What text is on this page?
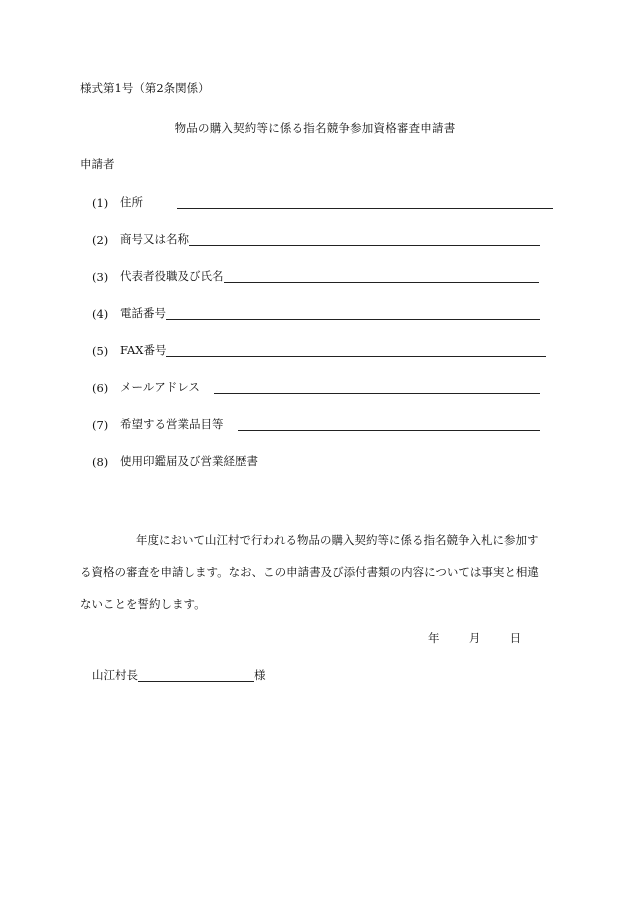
様式第1号（第2条関係）
物品の購入契約等に係る指名競争参加資格審査申請書
申請者
(1)	住所
(2)	商号又は名称
(3)	代表者役職及び氏名
(4)	電話番号
(5)	FAX番号
(6)	メールアドレス
(7)	希望する営業品目等
(8)	使用印鑑届及び営業経歴書
年度において山江村で行われる物品の購入契約等に係る指名競争入札に参加す
る資格の審査を申請します。なお、この申請書及び添付書類の内容については事実と相違
ないことを誓約します。
年	月	日
山江村長	様
